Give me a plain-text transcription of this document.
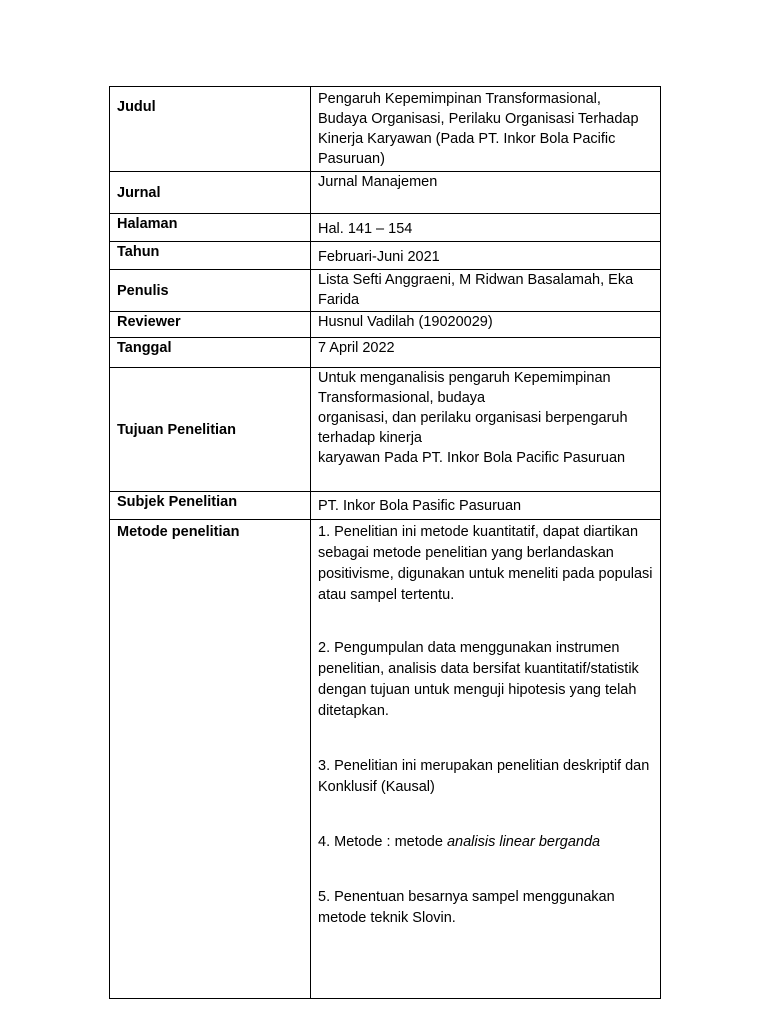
Judul	Pengaruh Kepemimpinan Transformasional, Budaya Organisasi, Perilaku Organisasi Terhadap Kinerja Karyawan (Pada PT. Inkor Bola Pacific Pasuruan)
Jurnal	Jurnal Manajemen
Halaman	Hal. 141 – 154
Tahun	Februari-Juni 2021
Penulis	Lista Sefti Anggraeni, M Ridwan Basalamah, Eka Farida
Reviewer	Husnul Vadilah (19020029)
Tanggal	7 April 2022
Tujuan Penelitian	Untuk menganalisis pengaruh Kepemimpinan Transformasional, budaya

organisasi, dan perilaku organisasi berpengaruh terhadap kinerja

karyawan Pada PT. Inkor Bola Pacific Pasuruan

Subjek Penelitian	PT. Inkor Bola Pasific Pasuruan
Metode penelitian	1. Penelitian ini metode kuantitatif, dapat diartikan sebagai metode penelitian yang berlandaskan positivisme, digunakan untuk meneliti pada populasi atau sampel tertentu.

2. Pengumpulan data menggunakan instrumen penelitian, analisis data bersifat kuantitatif/statistik dengan tujuan untuk menguji hipotesis yang telah ditetapkan.

3. Penelitian ini merupakan penelitian deskriptif dan Konklusif (Kausal)

4. Metode : metode analisis linear berganda

5. Penentuan besarnya sampel menggunakan metode teknik Slovin.
